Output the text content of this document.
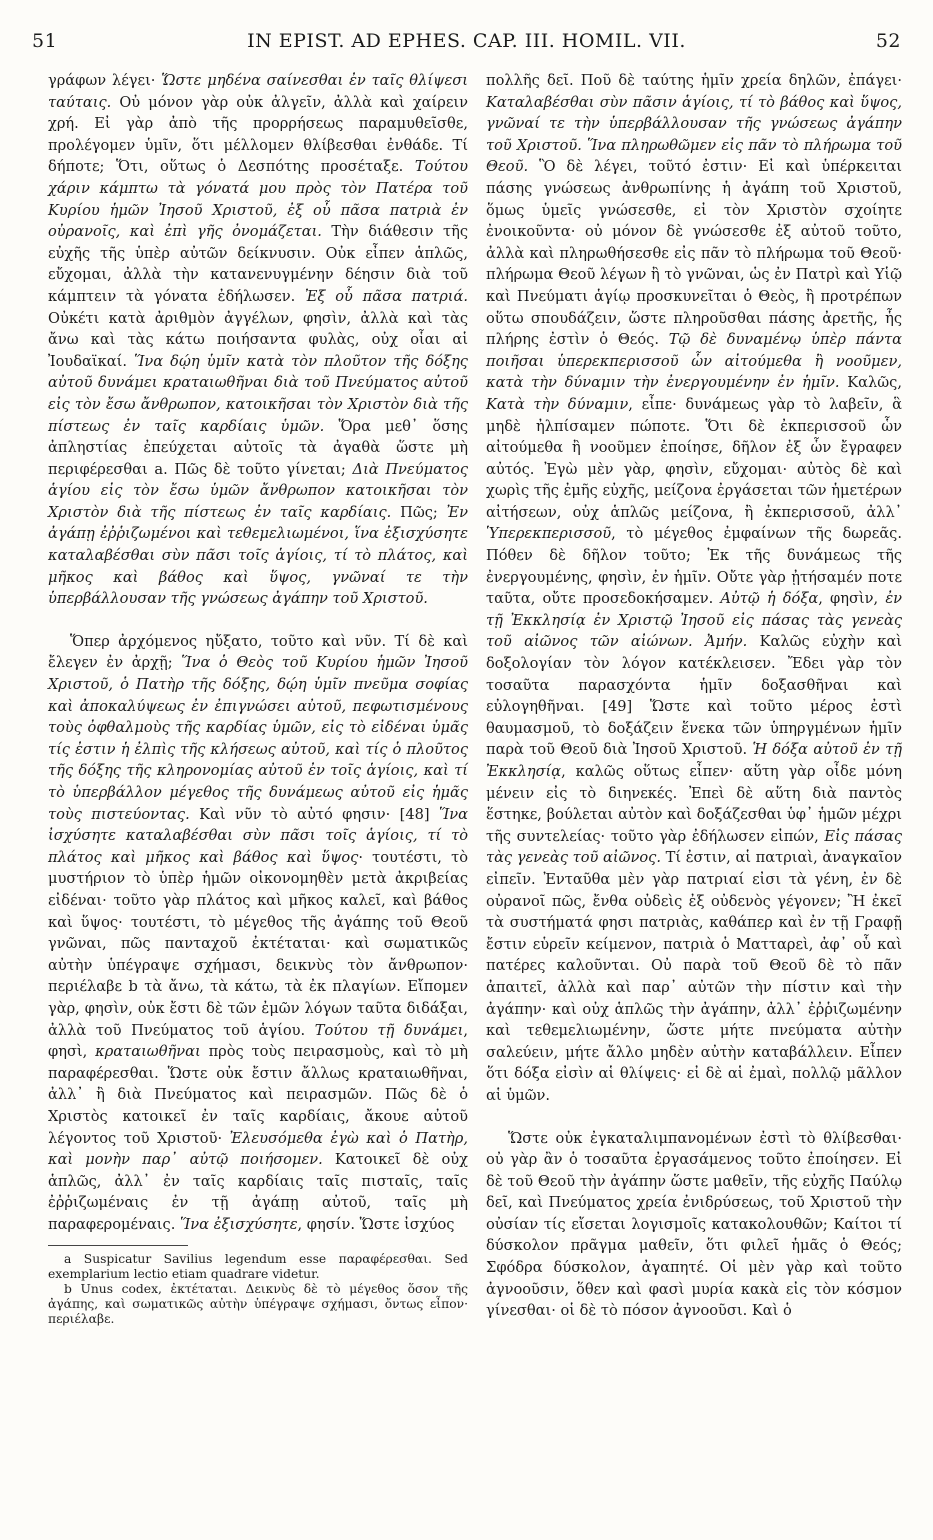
51	IN EPIST. AD EPHES. CAP. III. HOMIL. VII.	52

γράφων λέγει· Ὥστε μηδένα σαίνεσθαι ἐν ταῖς θλίψεσι ταύταις. Οὐ μόνον γὰρ οὐκ ἀλγεῖν, ἀλλὰ καὶ χαίρειν χρή. Εἰ γὰρ ἀπὸ τῆς προρρήσεως παραμυθεῖσθε, προλέγομεν ὑμῖν, ὅτι μέλλομεν θλίβεσθαι ἐνθάδε. Τί δήποτε; Ὅτι, οὕτως ὁ Δεσπότης προσέταξε. Τούτου χάριν κάμπτω τὰ γόνατά μου πρὸς τὸν Πατέρα τοῦ Κυρίου ἡμῶν Ἰησοῦ Χριστοῦ, ἐξ οὗ πᾶσα πατριὰ ἐν οὐρανοῖς, καὶ ἐπὶ γῆς ὀνομάζεται. Τὴν διάθεσιν τῆς εὐχῆς τῆς ὑπὲρ αὐτῶν δείκνυσιν. Οὐκ εἶπεν ἁπλῶς, εὔχομαι, ἀλλὰ τὴν κατανενυγμένην δέησιν διὰ τοῦ κάμπτειν τὰ γόνατα ἐδήλωσεν. Ἐξ οὗ πᾶσα πατριά. Οὐκέτι κατὰ ἀριθμὸν ἀγγέλων, φησὶν, ἀλλὰ καὶ τὰς ἄνω καὶ τὰς κάτω ποιήσαντα φυλὰς, οὐχ οἷαι αἱ Ἰουδαϊκαί. Ἵνα δῴη ὑμῖν κατὰ τὸν πλοῦτον τῆς δόξης αὐτοῦ δυνάμει κραταιωθῆναι διὰ τοῦ Πνεύματος αὐτοῦ εἰς τὸν ἔσω ἄνθρωπον, κατοικῆσαι τὸν Χριστὸν διὰ τῆς πίστεως ἐν ταῖς καρδίαις ὑμῶν. Ὅρα μεθ᾽ ὅσης ἀπληστίας ἐπεύχεται αὐτοῖς τὰ ἀγαθὰ ὥστε μὴ περιφέρεσθαι a. Πῶς δὲ τοῦτο γίνεται; Διὰ Πνεύματος ἁγίου εἰς τὸν ἔσω ὑμῶν ἄνθρωπον κατοικῆσαι τὸν Χριστὸν διὰ τῆς πίστεως ἐν ταῖς καρδίαις. Πῶς; Ἐν ἀγάπῃ ἐῤῥιζωμένοι καὶ τεθεμελιωμένοι, ἵνα ἐξισχύσητε καταλαβέσθαι σὺν πᾶσι τοῖς ἁγίοις, τί τὸ πλάτος, καὶ μῆκος καὶ βάθος καὶ ὕψος, γνῶναί τε τὴν ὑπερβάλλουσαν τῆς γνώσεως ἀγάπην τοῦ Χριστοῦ.

Ὅπερ ἀρχόμενος ηὔξατο, τοῦτο καὶ νῦν. Τί δὲ καὶ ἔλεγεν ἐν ἀρχῇ; Ἵνα ὁ Θεὸς τοῦ Κυρίου ἡμῶν Ἰησοῦ Χριστοῦ, ὁ Πατὴρ τῆς δόξης, δῴη ὑμῖν πνεῦμα σοφίας καὶ ἀποκαλύψεως ἐν ἐπιγνώσει αὐτοῦ, πεφωτισμένους τοὺς ὀφθαλμοὺς τῆς καρδίας ὑμῶν, εἰς τὸ εἰδέναι ὑμᾶς τίς ἐστιν ἡ ἐλπὶς τῆς κλήσεως αὐτοῦ, καὶ τίς ὁ πλοῦτος τῆς δόξης τῆς κληρονομίας αὐτοῦ ἐν τοῖς ἁγίοις, καὶ τί τὸ ὑπερβάλλον μέγεθος τῆς δυνάμεως αὐτοῦ εἰς ἡμᾶς τοὺς πιστεύοντας. Καὶ νῦν τὸ αὐτό φησιν· [48] Ἵνα ἰσχύσητε καταλαβέσθαι σὺν πᾶσι τοῖς ἁγίοις, τί τὸ πλάτος καὶ μῆκος καὶ βάθος καὶ ὕψος· τουτέστι, τὸ μυστήριον τὸ ὑπὲρ ἡμῶν οἰκονομηθὲν μετὰ ἀκριβείας εἰδέναι· τοῦτο γὰρ πλάτος καὶ μῆκος καλεῖ, καὶ βάθος καὶ ὕψος· τουτέστι, τὸ μέγεθος τῆς ἀγάπης τοῦ Θεοῦ γνῶναι, πῶς πανταχοῦ ἐκτέταται· καὶ σωματικῶς αὐτὴν ὑπέγραψε σχήμασι, δεικνὺς τὸν ἄνθρωπον· περιέλαβε b τὰ ἄνω, τὰ κάτω, τὰ ἐκ πλαγίων. Εἴπομεν γὰρ, φησὶν, οὐκ ἔστι δὲ τῶν ἐμῶν λόγων ταῦτα διδάξαι, ἀλλὰ τοῦ Πνεύματος τοῦ ἁγίου. Τούτου τῇ δυνάμει, φησὶ, κραταιωθῆναι πρὸς τοὺς πειρασμοὺς, καὶ τὸ μὴ παραφέρεσθαι. Ὥστε οὐκ ἔστιν ἄλλως κραταιωθῆναι, ἀλλ᾽ ἢ διὰ Πνεύματος καὶ πειρασμῶν. Πῶς δὲ ὁ Χριστὸς κατοικεῖ ἐν ταῖς καρδίαις, ἄκουε αὐτοῦ λέγοντος τοῦ Χριστοῦ· Ἐλευσόμεθα ἐγὼ καὶ ὁ Πατὴρ, καὶ μονὴν παρ᾽ αὐτῷ ποιήσομεν. Κατοικεῖ δὲ οὐχ ἁπλῶς, ἀλλ᾽ ἐν ταῖς καρδίαις ταῖς πισταῖς, ταῖς ἐῤῥιζωμέναις ἐν τῇ ἀγάπῃ αὐτοῦ, ταῖς μὴ παραφερομέναις. Ἵνα ἐξισχύσητε, φησίν. Ὥστε ἰσχύος

a Suspicatur Savilius legendum esse παραφέρεσθαι. Sed exemplarium lectio etiam quadrare videtur.

b Unus codex, ἐκτέταται. Δεικνὺς δὲ τὸ μέγεθος ὅσον τῆς ἀγάπης, καὶ σωματικῶς αὐτὴν ὑπέγραψε σχήμασι, ὄντως εἶπον· περιέλαβε.

πολλῆς δεῖ. Ποῦ δὲ ταύτης ἡμῖν χρεία δηλῶν, ἐπάγει· Καταλαβέσθαι σὺν πᾶσιν ἁγίοις, τί τὸ βάθος καὶ ὕψος, γνῶναί τε τὴν ὑπερβάλλουσαν τῆς γνώσεως ἀγάπην τοῦ Χριστοῦ. Ἵνα πληρωθῶμεν εἰς πᾶν τὸ πλήρωμα τοῦ Θεοῦ. Ὃ δὲ λέγει, τοῦτό ἐστιν· Εἰ καὶ ὑπέρκειται πάσης γνώσεως ἀνθρωπίνης ἡ ἀγάπη τοῦ Χριστοῦ, ὅμως ὑμεῖς γνώσεσθε, εἰ τὸν Χριστὸν σχοίητε ἐνοικοῦντα· οὐ μόνον δὲ γνώσεσθε ἐξ αὐτοῦ τοῦτο, ἀλλὰ καὶ πληρωθήσεσθε εἰς πᾶν τὸ πλήρωμα τοῦ Θεοῦ· πλήρωμα Θεοῦ λέγων ἢ τὸ γνῶναι, ὡς ἐν Πατρὶ καὶ Υἱῷ καὶ Πνεύματι ἁγίῳ προσκυνεῖται ὁ Θεὸς, ἢ προτρέπων οὕτω σπουδάζειν, ὥστε πληροῦσθαι πάσης ἀρετῆς, ἧς πλήρης ἐστὶν ὁ Θεός. Τῷ δὲ δυναμένῳ ὑπὲρ πάντα ποιῆσαι ὑπερεκπερισσοῦ ὧν αἰτούμεθα ἢ νοοῦμεν, κατὰ τὴν δύναμιν τὴν ἐνεργουμένην ἐν ἡμῖν. Καλῶς, Κατὰ τὴν δύναμιν, εἶπε· δυνάμεως γὰρ τὸ λαβεῖν, ἃ μηδὲ ἠλπίσαμεν πώποτε. Ὅτι δὲ ἐκπερισσοῦ ὧν αἰτούμεθα ἢ νοοῦμεν ἐποίησε, δῆλον ἐξ ὧν ἔγραφεν αὐτός. Ἐγὼ μὲν γὰρ, φησὶν, εὔχομαι· αὐτὸς δὲ καὶ χωρὶς τῆς ἐμῆς εὐχῆς, μείζονα ἐργάσεται τῶν ἡμετέρων αἰτήσεων, οὐχ ἁπλῶς μείζονα, ἢ ἐκπερισσοῦ, ἀλλ᾽ Ὑπερεκπερισσοῦ, τὸ μέγεθος ἐμφαίνων τῆς δωρεᾶς. Πόθεν δὲ δῆλον τοῦτο; Ἐκ τῆς δυνάμεως τῆς ἐνεργουμένης, φησὶν, ἐν ἡμῖν. Οὔτε γὰρ ᾐτήσαμέν ποτε ταῦτα, οὔτε προσεδοκήσαμεν. Αὐτῷ ἡ δόξα, φησὶν, ἐν τῇ Ἐκκλησίᾳ ἐν Χριστῷ Ἰησοῦ εἰς πάσας τὰς γενεὰς τοῦ αἰῶνος τῶν αἰώνων. Ἀμήν. Καλῶς εὐχὴν καὶ δοξολογίαν τὸν λόγον κατέκλεισεν. Ἔδει γὰρ τὸν τοσαῦτα παρασχόντα ἡμῖν δοξασθῆναι καὶ εὐλογηθῆναι. [49] Ὥστε καὶ τοῦτο μέρος ἐστὶ θαυμασμοῦ, τὸ δοξάζειν ἕνεκα τῶν ὑπηργμένων ἡμῖν παρὰ τοῦ Θεοῦ διὰ Ἰησοῦ Χριστοῦ. Ἡ δόξα αὐτοῦ ἐν τῇ Ἐκκλησίᾳ, καλῶς οὕτως εἶπεν· αὕτη γὰρ οἶδε μόνη μένειν εἰς τὸ διηνεκές. Ἐπεὶ δὲ αὕτη διὰ παντὸς ἕστηκε, βούλεται αὐτὸν καὶ δοξάζεσθαι ὑφ᾽ ἡμῶν μέχρι τῆς συντελείας· τοῦτο γὰρ ἐδήλωσεν εἰπών, Εἰς πάσας τὰς γενεὰς τοῦ αἰῶνος. Τί ἐστιν, αἱ πατριαὶ, ἀναγκαῖον εἰπεῖν. Ἐνταῦθα μὲν γὰρ πατριαί εἰσι τὰ γένη, ἐν δὲ οὐρανοῖ πῶς, ἔνθα οὐδεὶς ἐξ οὐδενὸς γέγονεν; Ἢ ἐκεῖ τὰ συστήματά φησι πατριὰς, καθάπερ καὶ ἐν τῇ Γραφῇ ἔστιν εὑρεῖν κείμενον, πατριὰ ὁ Ματταρεὶ, ἀφ᾽ οὗ καὶ πατέρες καλοῦνται. Οὐ παρὰ τοῦ Θεοῦ δὲ τὸ πᾶν ἀπαιτεῖ, ἀλλὰ καὶ παρ᾽ αὐτῶν τὴν πίστιν καὶ τὴν ἀγάπην· καὶ οὐχ ἁπλῶς τὴν ἀγάπην, ἀλλ᾽ ἐῤῥιζωμένην καὶ τεθεμελιωμένην, ὥστε μήτε πνεύματα αὐτὴν σαλεύειν, μήτε ἄλλο μηδὲν αὐτὴν καταβάλλειν. Εἶπεν ὅτι δόξα εἰσὶν αἱ θλίψεις· εἰ δὲ αἱ ἐμαὶ, πολλῷ μᾶλλον αἱ ὑμῶν.

Ὥστε οὐκ ἐγκαταλιμπανομένων ἐστὶ τὸ θλίβεσθαι· οὐ γὰρ ἂν ὁ τοσαῦτα ἐργασάμενος τοῦτο ἐποίησεν. Εἰ δὲ τοῦ Θεοῦ τὴν ἀγάπην ὥστε μαθεῖν, τῆς εὐχῆς Παύλῳ δεῖ, καὶ Πνεύματος χρεία ἐνιδρύσεως, τοῦ Χριστοῦ τὴν οὐσίαν τίς εἴσεται λογισμοῖς κατακολουθῶν; Καίτοι τί δύσκολον πρᾶγμα μαθεῖν, ὅτι φιλεῖ ἡμᾶς ὁ Θεός; Σφόδρα δύσκολον, ἀγαπητέ. Οἱ μὲν γὰρ καὶ τοῦτο ἀγνοοῦσιν, ὅθεν καὶ φασὶ μυρία κακὰ εἰς τὸν κόσμον γίνεσθαι· οἱ δὲ τὸ πόσον ἀγνοοῦσι. Καὶ ὁ
